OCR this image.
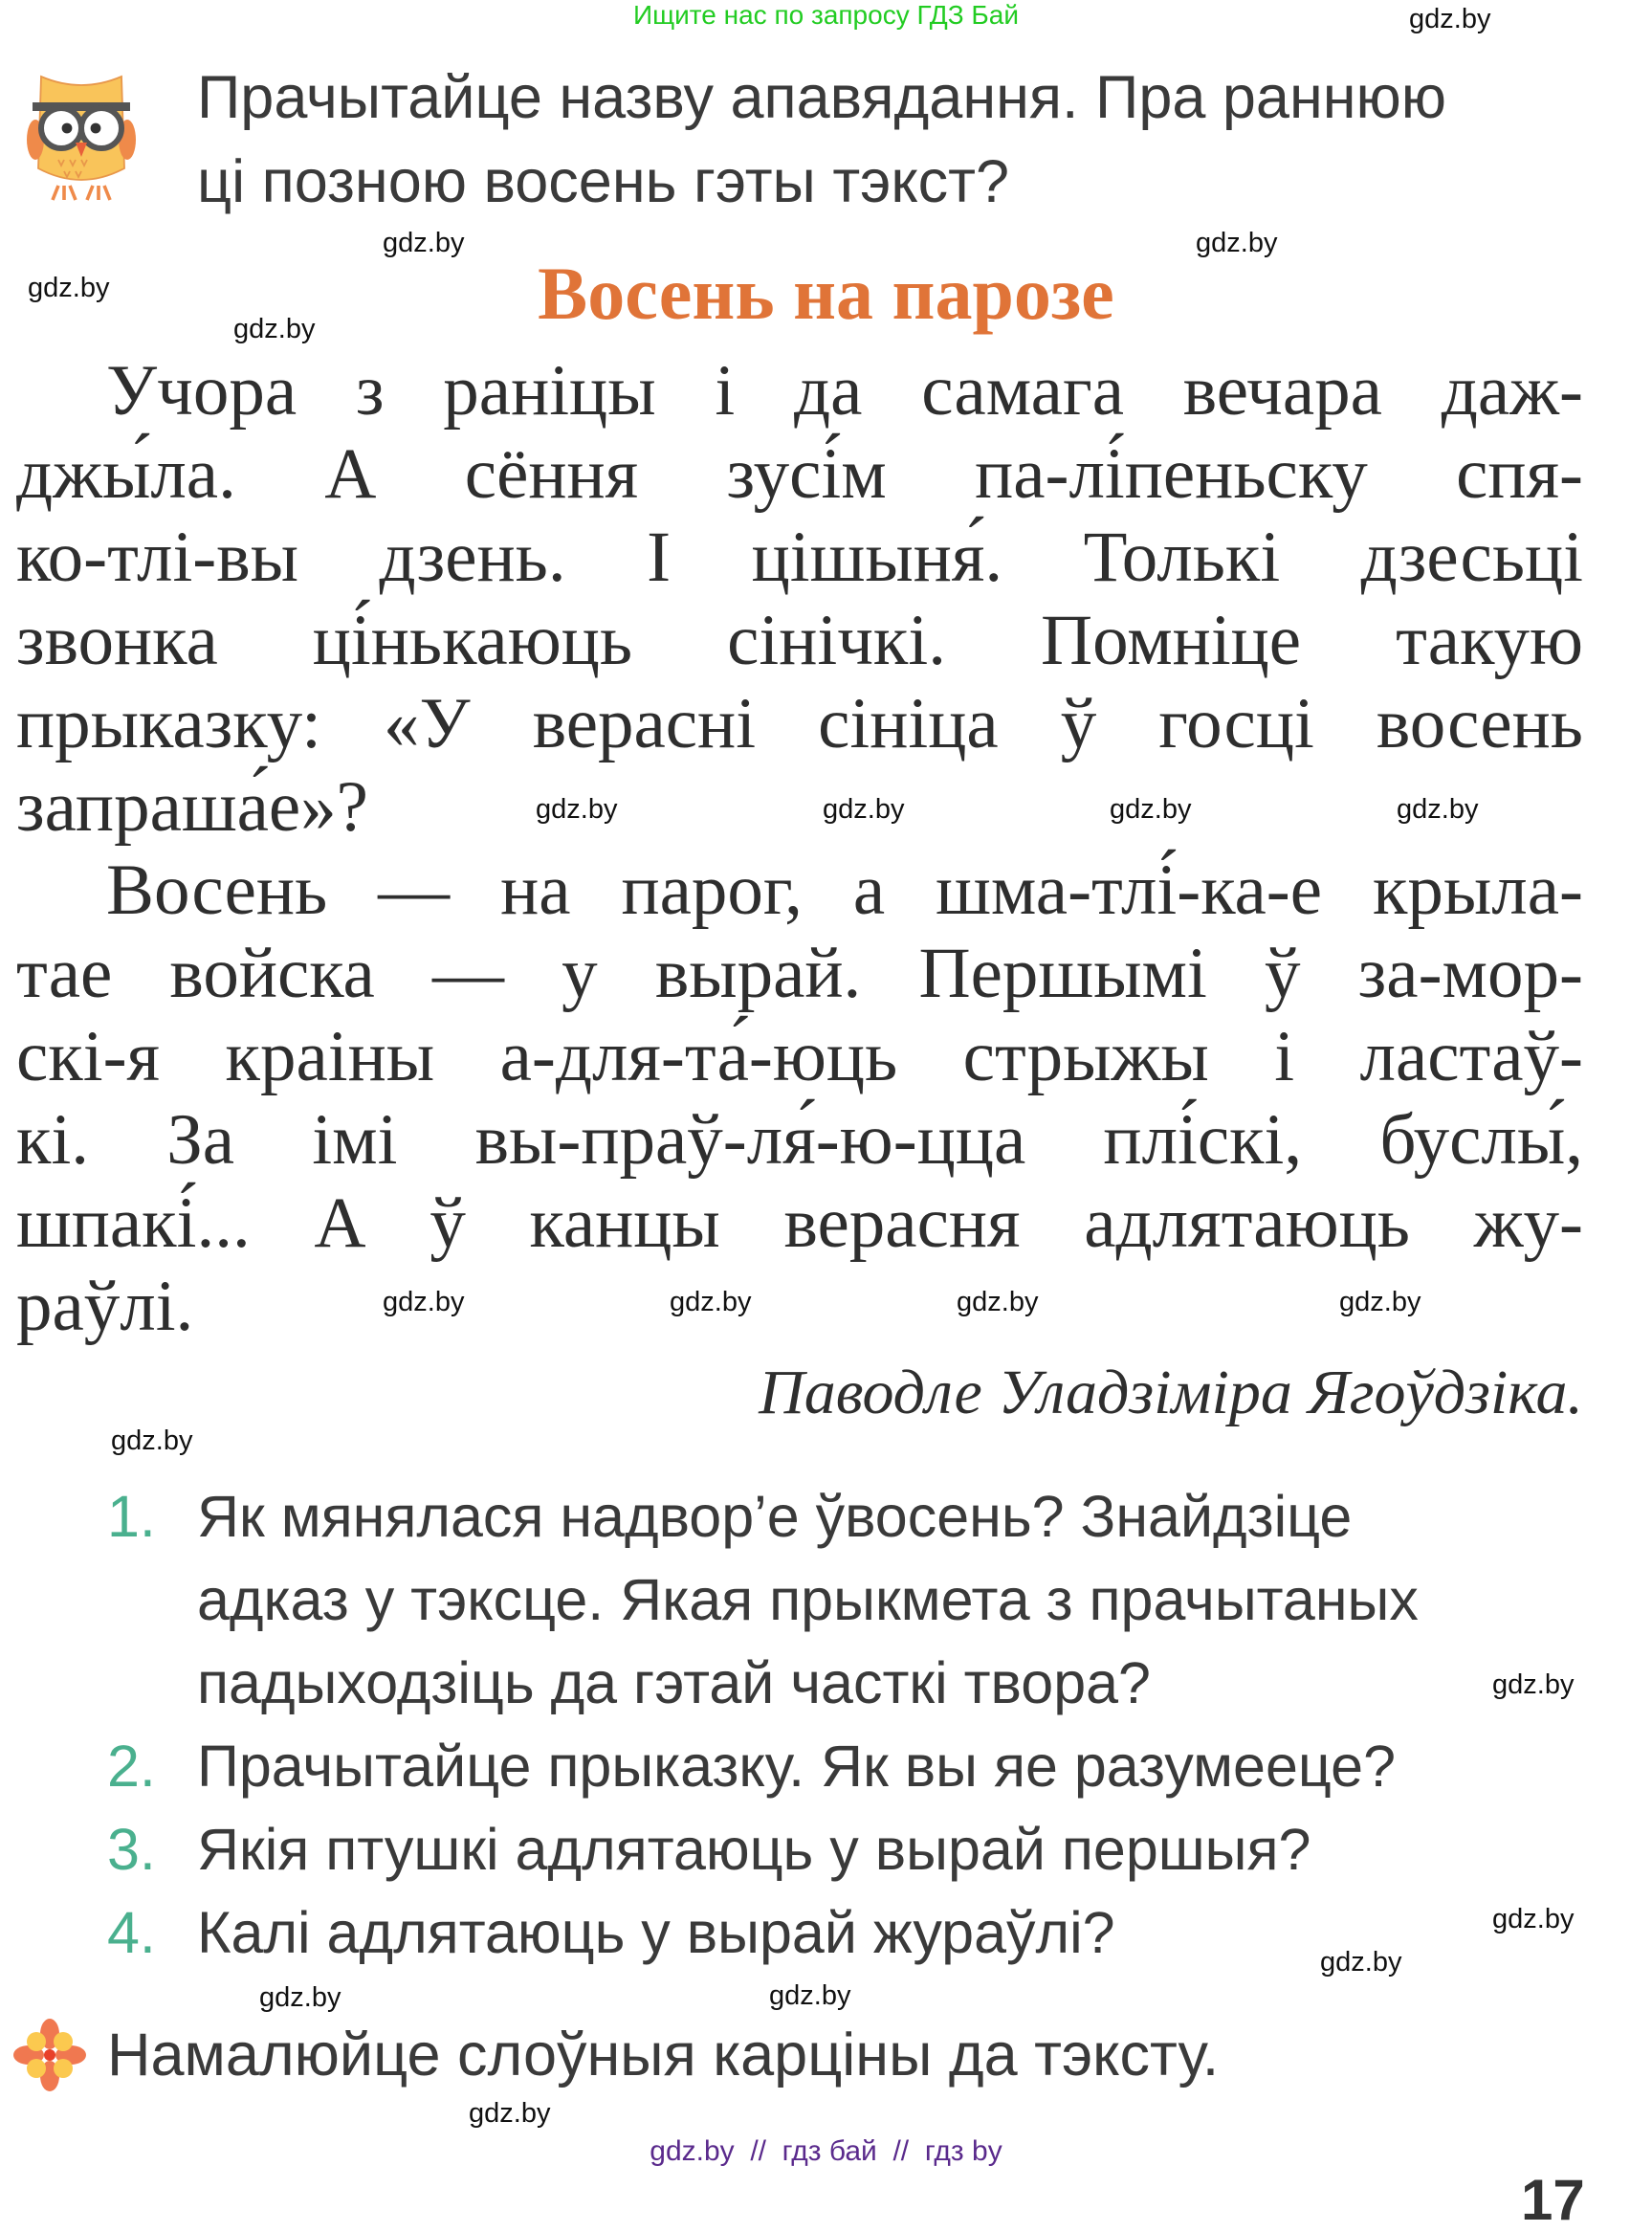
Ищите нас по запросу ГДЗ Бай
Прачытайце назву апавядання. Пра раннюю
ці позною восень гэты тэкст?
Восень на парозе
Учора з раніцы і да самага вечара даж-
джы́ла. А сёння зусі́м па-лі́пеньску спя-
ко-тлі-вы дзень. І цішыня́. Толькі дзесьці
звонка ці́нькаюць сінічкі. Помніце такую
прыказку: «У верасні сініца ў госці восень
запраша́е»?
Восень — на парог, а шма-тлі́-ка-е крыла-
тае войска — у вырай. Першымі ў за-мор-
скі-я краіны а-для-та́-юць стрыжы і ластаў-
кі. За імі вы-праў-ля́-ю-цца плі́скі, буслы́,
шпакі́... А ў канцы верасня адлятаюць жу-
раўлі.
Паводле Уладзіміра Ягоўдзіка.
1. Як мянялася надвор’е ўвосень? Знайдзіце
адказ у тэксце. Якая прыкмета з прачытаных
падыходзіць да гэтай часткі твора?
2. Прачытайце прыказку. Як вы яе разумееце?
3. Якія птушкі адлятаюць у вырай першыя?
4. Калі адлятаюць у вырай жураўлі?
Намалюйце слоўныя карціны да тэксту.
gdz.by
gdz.by
gdz.by
gdz.by
gdz.by
gdz.by	gdz.by	gdz.by	gdz.by
gdz.by	gdz.by	gdz.by	gdz.by
gdz.by
gdz.by
gdz.by
gdz.by
gdz.by
gdz.by
gdz.by
17
gdz.by  //  гдз бай  //  гдз by
